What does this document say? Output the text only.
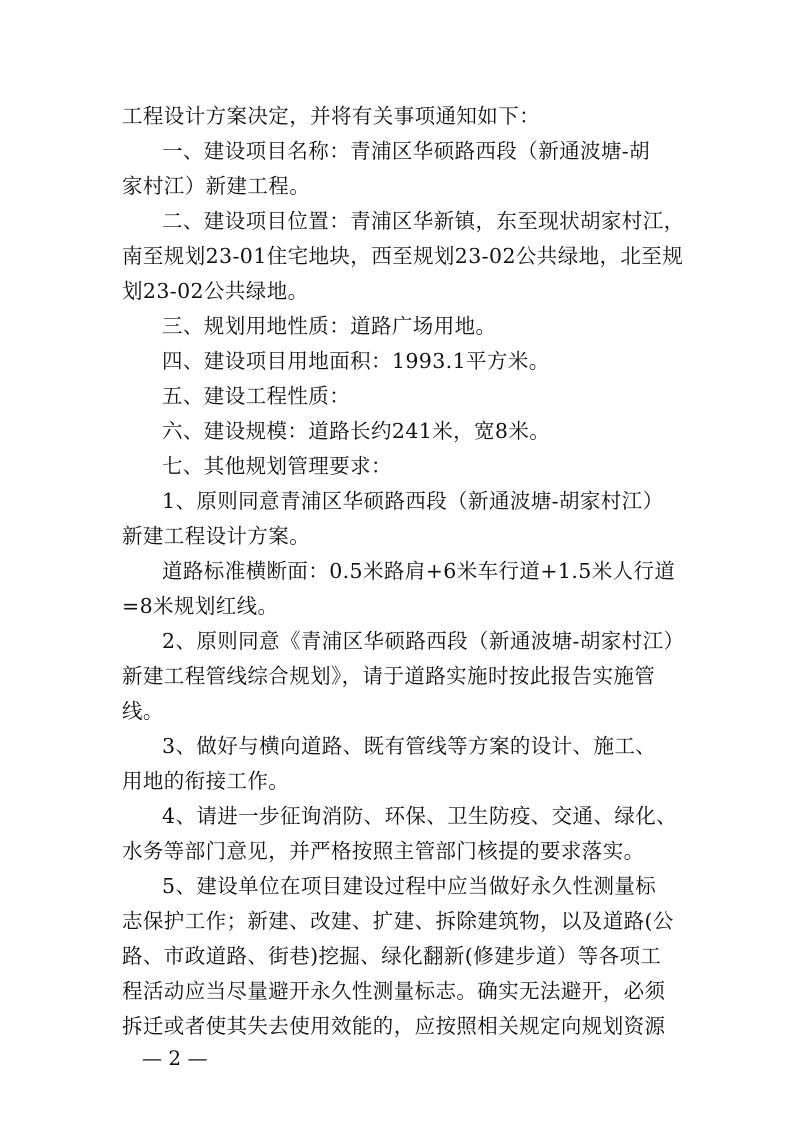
工程设计方案决定，并将有关事项通知如下：
一、建设项目名称：青浦区华硕路西段（新通波塘-胡
家村江）新建工程。
二、建设项目位置：青浦区华新镇，东至现状胡家村江，
南至规划23-01住宅地块，西至规划23-02公共绿地，北至规
划23-02公共绿地。
三、规划用地性质：道路广场用地。
四、建设项目用地面积：1993.1平方米。
五、建设工程性质：
六、建设规模：道路长约241米，宽8米。
七、其他规划管理要求：
1、原则同意青浦区华硕路西段（新通波塘-胡家村江）
新建工程设计方案。
道路标准横断面：0.5米路肩+6米车行道+1.5米人行道
=8米规划红线。
2、原则同意《青浦区华硕路西段（新通波塘-胡家村江）
新建工程管线综合规划》，请于道路实施时按此报告实施管
线。
3、做好与横向道路、既有管线等方案的设计、施工、
用地的衔接工作。
4、请进一步征询消防、环保、卫生防疫、交通、绿化、
水务等部门意见，并严格按照主管部门核提的要求落实。
5、建设单位在项目建设过程中应当做好永久性测量标
志保护工作；新建、改建、扩建、拆除建筑物，以及道路(公
路、市政道路、街巷)挖掘、绿化翻新(修建步道）等各项工
程活动应当尽量避开永久性测量标志。确实无法避开，必须
拆迁或者使其失去使用效能的，应按照相关规定向规划资源
— 2 —
